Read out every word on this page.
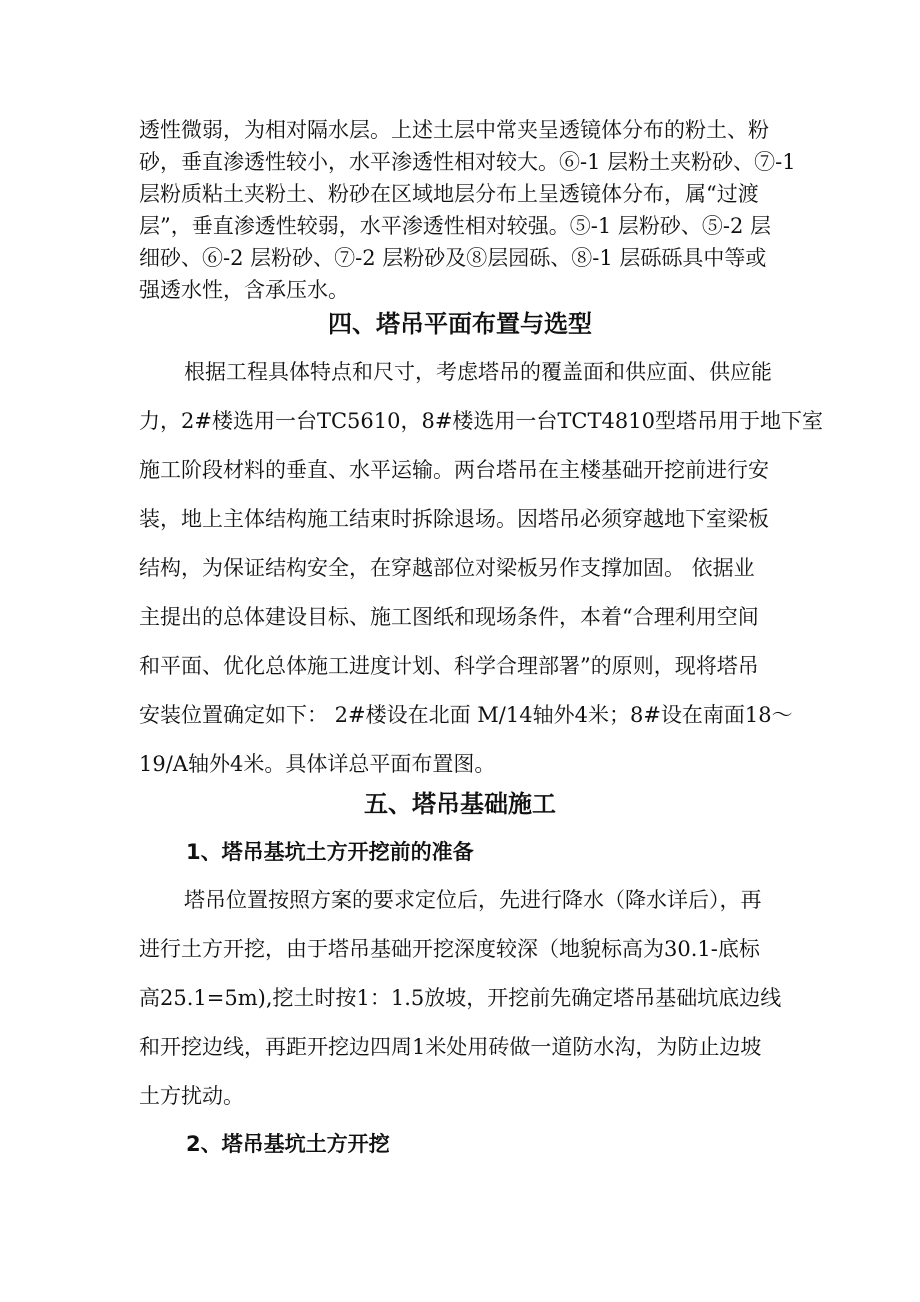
透性微弱，为相对隔水层。上述土层中常夹呈透镜体分布的粉土、粉
砂，垂直渗透性较小，水平渗透性相对较大。⑥-1 层粉土夹粉砂、⑦-1
层粉质粘土夹粉土、粉砂在区域地层分布上呈透镜体分布，属“过渡
层”，垂直渗透性较弱，水平渗透性相对较强。⑤-1 层粉砂、⑤-2 层
细砂、⑥-2 层粉砂、⑦-2 层粉砂及⑧层园砾、⑧-1 层砾砾具中等或
强透水性，含承压水。
四、塔吊平面布置与选型
根据工程具体特点和尺寸，考虑塔吊的覆盖面和供应面、供应能
力，2#楼选用一台TC5610，8#楼选用一台TCT4810型塔吊用于地下室
施工阶段材料的垂直、水平运输。两台塔吊在主楼基础开挖前进行安
装，地上主体结构施工结束时拆除退场。因塔吊必须穿越地下室梁板
结构，为保证结构安全，在穿越部位对梁板另作支撑加固。 依据业
主提出的总体建设目标、施工图纸和现场条件，本着“合理利用空间
和平面、优化总体施工进度计划、科学合理部署”的原则，现将塔吊
安装位置确定如下： 2#楼设在北面 M/14轴外4米；8#设在南面18～
19/A轴外4米。具体详总平面布置图。
五、塔吊基础施工
1、塔吊基坑土方开挖前的准备
塔吊位置按照方案的要求定位后，先进行降水（降水详后），再
进行土方开挖，由于塔吊基础开挖深度较深（地貌标高为30.1-底标
高25.1=5m),挖土时按1：1.5放坡，开挖前先确定塔吊基础坑底边线
和开挖边线，再距开挖边四周1米处用砖做一道防水沟，为防止边坡
土方扰动。
2、塔吊基坑土方开挖
